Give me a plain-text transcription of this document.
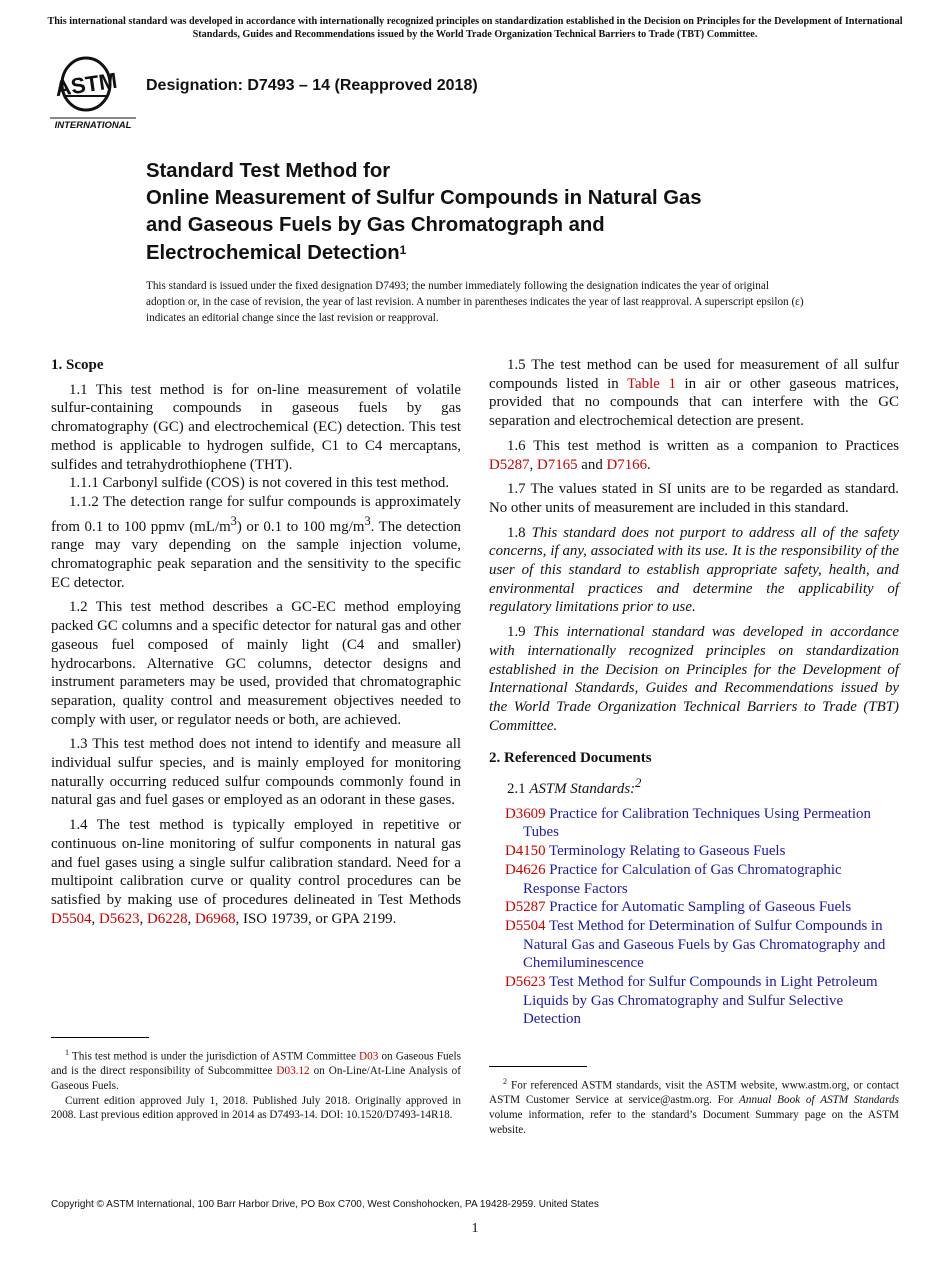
This international standard was developed in accordance with internationally recognized principles on standardization established in the Decision on Principles for the Development of International Standards, Guides and Recommendations issued by the World Trade Organization Technical Barriers to Trade (TBT) Committee.
ASTM
INTERNATIONAL
Designation: D7493 – 14 (Reapproved 2018)
Standard Test Method for
Online Measurement of Sulfur Compounds in Natural Gas
and Gaseous Fuels by Gas Chromatograph and
Electrochemical Detection$^1$
This standard is issued under the fixed designation D7493; the number immediately following the designation indicates the year of original adoption or, in the case of revision, the year of last revision. A number in parentheses indicates the year of last reapproval. A superscript epsilon (ε) indicates an editorial change since the last revision or reapproval.
1. Scope

1.1 This test method is for on-line measurement of volatile sulfur-containing compounds in gaseous fuels by gas chromatography (GC) and electrochemical (EC) detection. This test method is applicable to hydrogen sulfide, C1 to C4 mercaptans, sulfides and tetrahydrothiophene (THT).

1.1.1 Carbonyl sulfide (COS) is not covered in this test method.

1.1.2 The detection range for sulfur compounds is approximately from 0.1 to 100 ppmv $(mL/m^3)$ or 0.1 to 100 $mg/m^3$. The detection range may vary depending on the sample injection volume, chromatographic peak separation and the sensitivity to the specific EC detector.

1.2 This test method describes a GC-EC method employing packed GC columns and a specific detector for natural gas and other gaseous fuel composed of mainly light (C4 and smaller) hydrocarbons. Alternative GC columns, detector designs and instrument parameters may be used, provided that chromatographic separation, quality control and measurement objectives needed to comply with user, or regulator needs or both, are achieved.

1.3 This test method does not intend to identify and measure all individual sulfur species, and is mainly employed for monitoring naturally occurring reduced sulfur compounds commonly found in natural gas and fuel gases or employed as an odorant in these gases.

1.4 The test method is typically employed in repetitive or continuous on-line monitoring of sulfur components in natural gas and fuel gases using a single sulfur calibration standard. Need for a multipoint calibration curve or quality control procedures can be satisfied by making use of procedures delineated in Test Methods D5504, D5623, D6228, D6968, ISO 19739, or GPA 2199.

$^1$ This test method is under the jurisdiction of ASTM Committee D03 on Gaseous Fuels and is the direct responsibility of Subcommittee D03.12 on On-Line/At-Line Analysis of Gaseous Fuels.

Current edition approved July 1, 2018. Published July 2018. Originally approved in 2008. Last previous edition approved in 2014 as D7493-14. DOI: 10.1520/D7493-14R18.

1.5 The test method can be used for measurement of all sulfur compounds listed in Table 1 in air or other gaseous matrices, provided that no compounds that can interfere with the GC separation and electrochemical detection are present.

1.6 This test method is written as a companion to Practices D5287, D7165 and D7166.

1.7 The values stated in SI units are to be regarded as standard. No other units of measurement are included in this standard.

1.8 This standard does not purport to address all of the safety concerns, if any, associated with its use. It is the responsibility of the user of this standard to establish appropriate safety, health, and environmental practices and determine the applicability of regulatory limitations prior to use.

1.9 This international standard was developed in accordance with internationally recognized principles on standardization established in the Decision on Principles for the Development of International Standards, Guides and Recommendations issued by the World Trade Organization Technical Barriers to Trade (TBT) Committee.

2. Referenced Documents

2.1 ASTM Standards:$^2$

D3609 Practice for Calibration Techniques Using Permeation Tubes
D4150 Terminology Relating to Gaseous Fuels
D4626 Practice for Calculation of Gas Chromatographic Response Factors
D5287 Practice for Automatic Sampling of Gaseous Fuels
D5504 Test Method for Determination of Sulfur Compounds in Natural Gas and Gaseous Fuels by Gas Chromatography and Chemiluminescence
D5623 Test Method for Sulfur Compounds in Light Petroleum Liquids by Gas Chromatography and Sulfur Selective Detection

$^2$ For referenced ASTM standards, visit the ASTM website, www.astm.org, or contact ASTM Customer Service at service@astm.org. For Annual Book of ASTM Standards volume information, refer to the standard’s Document Summary page on the ASTM website.

Copyright © ASTM International, 100 Barr Harbor Drive, PO Box C700, West Conshohocken, PA 19428-2959. United States
1
